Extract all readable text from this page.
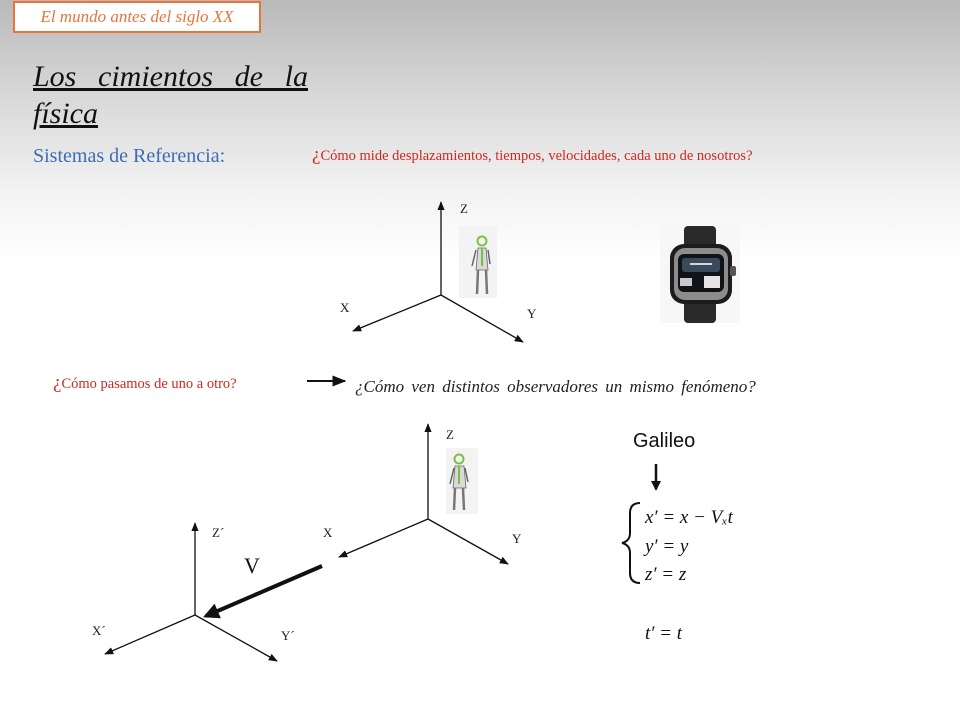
El mundo antes del siglo XX
Los cimientos de la física
Sistemas de Referencia:	¿Cómo mide desplazamientos, tiempos, velocidades, cada uno de nosotros?
¿Cómo pasamos de uno a otro?	¿Cómo ven distintos observadores un mismo fenómeno?
Z
X	Y
Z
X	Y
Z´
X´	Y´
V
Galileo
x′ = x − Vₓt
y′ = y
z′ = z
t′ = t
